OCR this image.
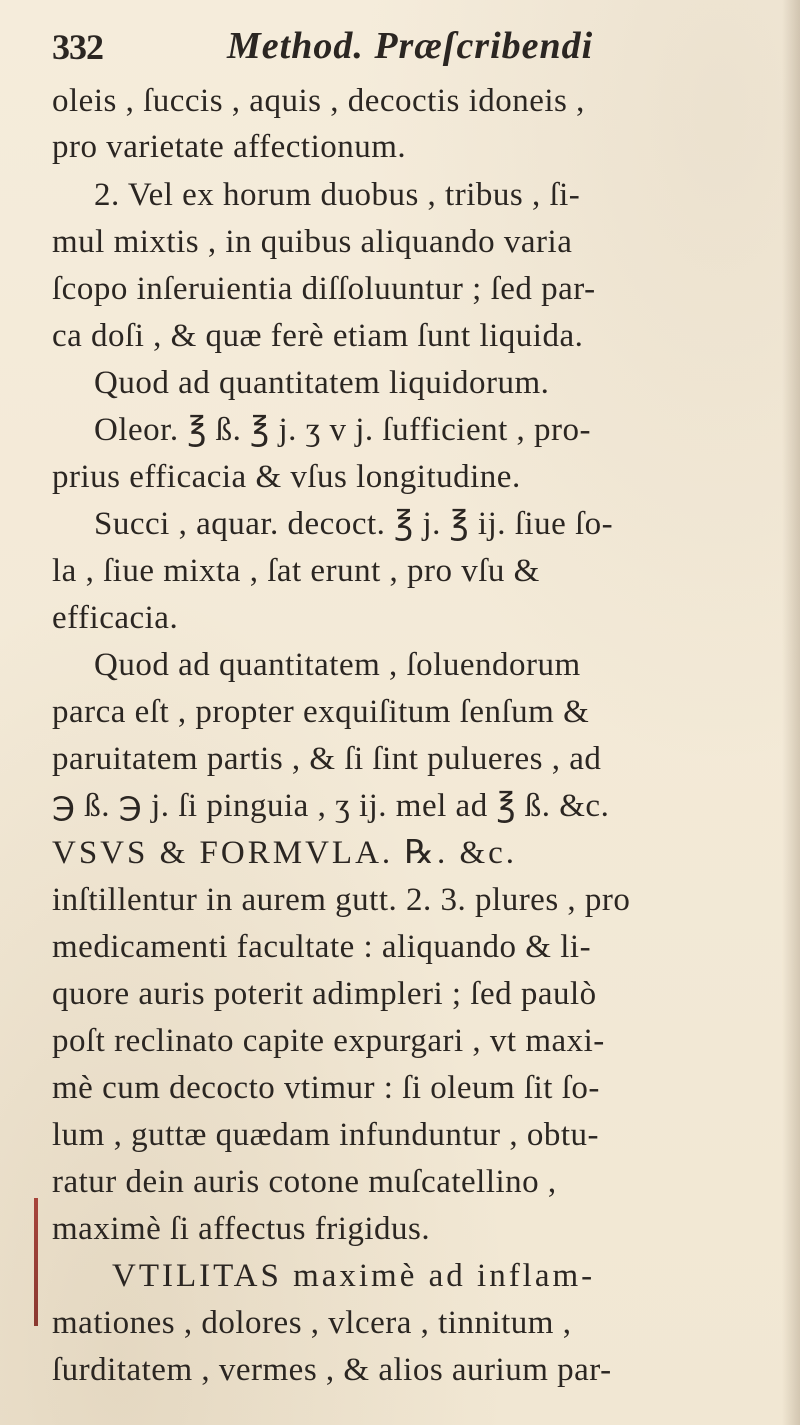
332	Method. Præſcribendi
oleis , ſuccis , aquis , decoctis idoneis ,
pro varietate affectionum.
2. Vel ex horum duobus , tribus , ſi-
mul mixtis , in quibus aliquando varia
ſcopo inſeruientia diſſoluuntur ; ſed par-
ca doſi , & quæ ferè etiam ſunt liquida.
Quod ad quantitatem liquidorum.
Oleor. ℥ ß. ℥ j. ʒ v j. ſufficient , pro-
prius efficacia & vſus longitudine.
Succi , aquar. decoct. ℥ j. ℥ ij. ſiue ſo-
la , ſiue mixta , ſat erunt , pro vſu &
efficacia.
Quod ad quantitatem , ſoluendorum
parca eſt , propter exquiſitum ſenſum &
paruitatem partis , & ſi ſint pulueres , ad
℈ ß. ℈ j. ſi pinguia , ʒ ij. mel ad ℥ ß. &c.
VSVS & FORMVLA. ℞. &c.
inſtillentur in aurem gutt. 2. 3. plures , pro
medicamenti facultate : aliquando & li-
quore auris poterit adimpleri ; ſed paulò
poſt reclinato capite expurgari , vt maxi-
mè cum decocto vtimur : ſi oleum ſit ſo-
lum , guttæ quædam infunduntur , obtu-
ratur dein auris cotone muſcatellino ,
maximè ſi affectus frigidus.
VTILITAS maximè ad inflam-
mationes , dolores , vlcera , tinnitum ,
ſurditatem , vermes , & alios aurium par-
